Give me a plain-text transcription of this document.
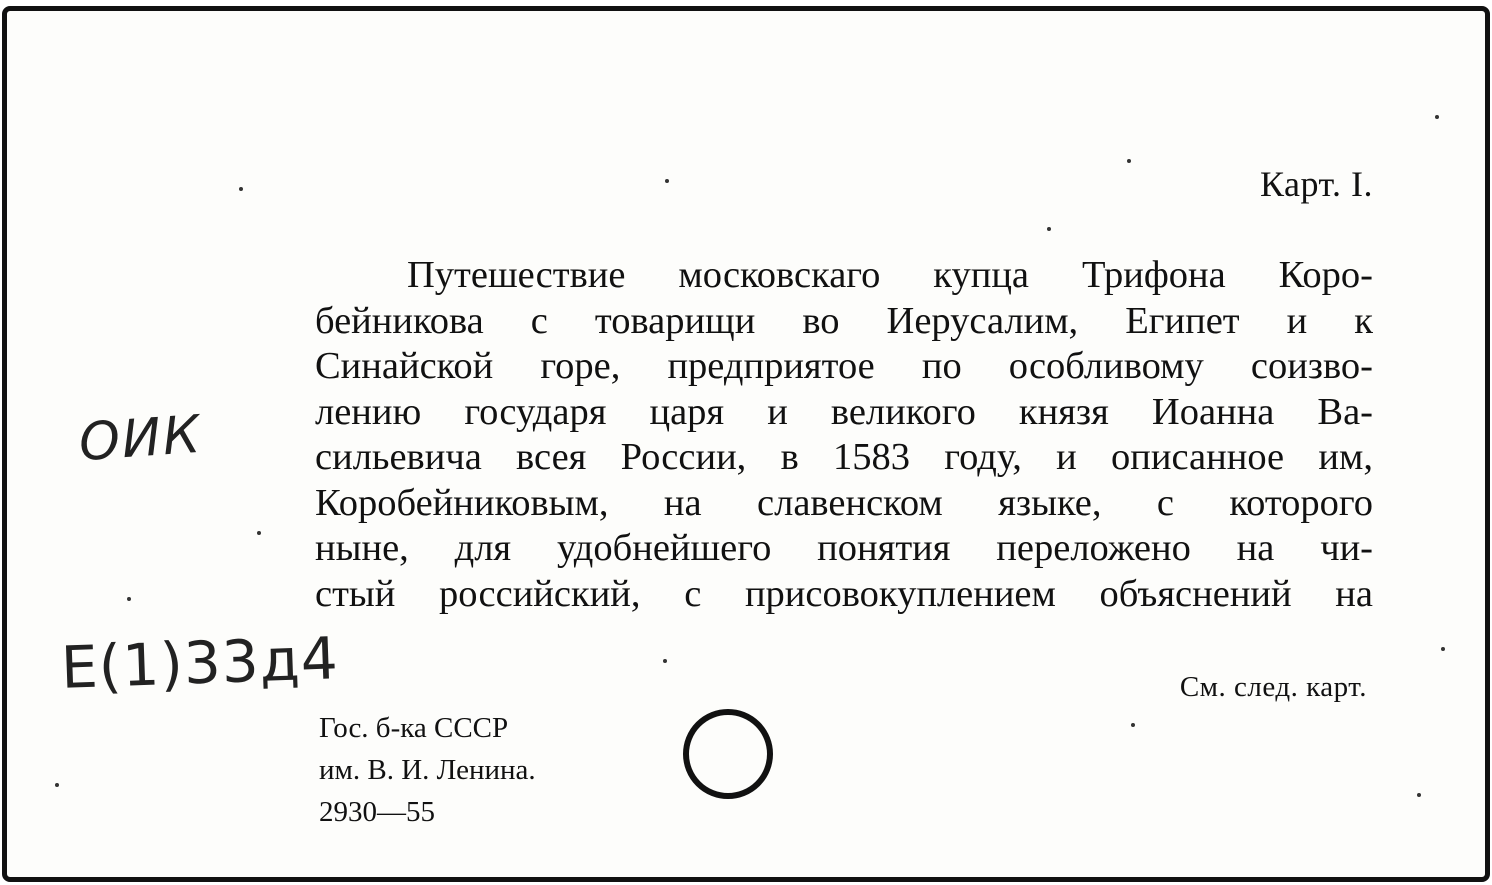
Карт. I.
Путешествие московскаго купца Трифона Коро-
бейникова с товарищи во Иерусалим, Египет и к
Синайской горе, предприятое по особливому соизво-
лению государя царя и великого князя Иоанна Ва-
сильевича всея России, в 1583 году, и описанное им,
Коробейниковым, на славенском языке, с которого
ныне, для удобнейшего понятия переложено на чи-
стый российский, с присовокуплением объяснений на
См. след. карт.
Гос. б-ка СССР
им. В. И. Ленина.
2930—55
ОИК
Е(1)33д4
